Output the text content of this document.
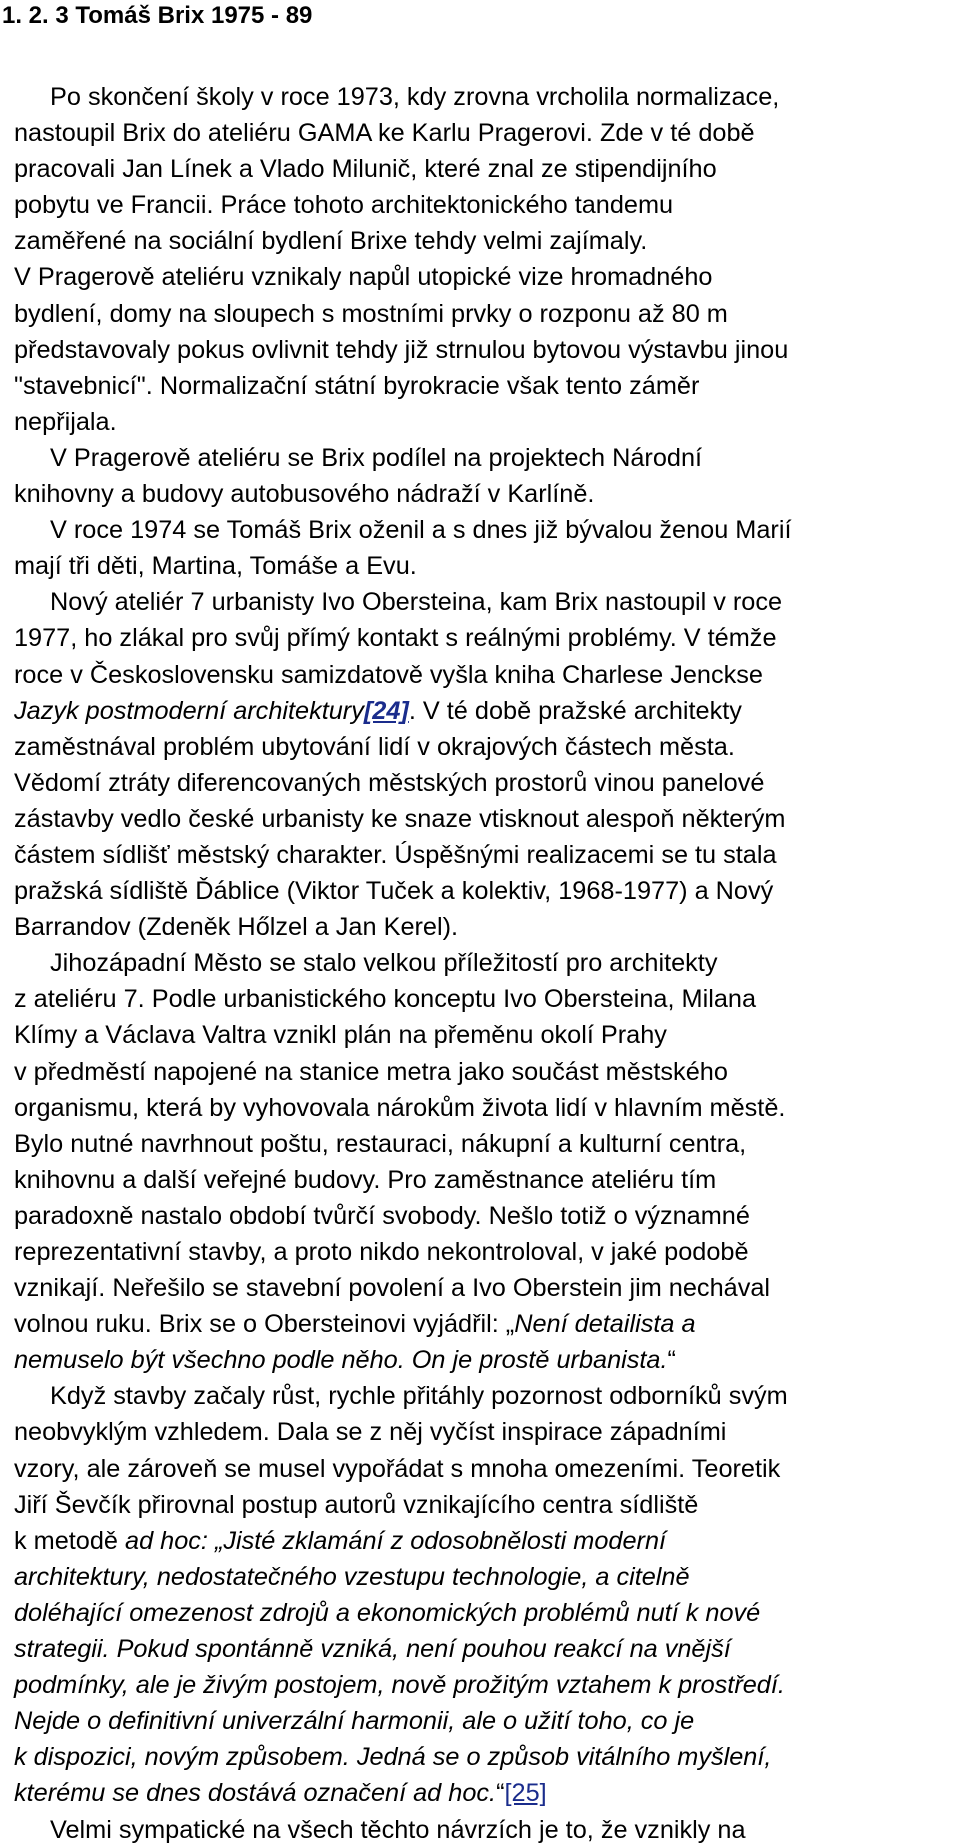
1. 2. 3 Tomáš Brix 1975 - 89
Po skončení školy v roce 1973, kdy zrovna vrcholila normalizace,
nastoupil Brix do ateliéru GAMA ke Karlu Pragerovi. Zde v té době
pracovali Jan Línek a Vlado Milunič, které znal ze stipendijního
pobytu ve Francii. Práce tohoto architektonického tandemu
zaměřené na sociální bydlení Brixe tehdy velmi zajímaly.
V Pragerově ateliéru vznikaly napůl utopické vize hromadného
bydlení, domy na sloupech s mostními prvky o rozponu až 80 m
představovaly pokus ovlivnit tehdy již strnulou bytovou výstavbu jinou
"stavebnicí". Normalizační státní byrokracie však tento záměr
nepřijala.
V Pragerově ateliéru se Brix podílel na projektech Národní
knihovny a budovy autobusového nádraží v Karlíně.
V roce 1974 se Tomáš Brix oženil a s dnes již bývalou ženou Marií
mají tři děti, Martina, Tomáše a Evu.
Nový ateliér 7 urbanisty Ivo Obersteina, kam Brix nastoupil v roce
1977, ho zlákal pro svůj přímý kontakt s reálnými problémy. V témže
roce v Československu samizdatově vyšla kniha Charlese Jenckse
Jazyk postmoderní architektury[24]. V té době pražské architekty
zaměstnával problém ubytování lidí v okrajových částech města.
Vědomí ztráty diferencovaných městských prostorů vinou panelové
zástavby vedlo české urbanisty ke snaze vtisknout alespoň některým
částem sídlišť městský charakter. Úspěšnými realizacemi se tu stala
pražská sídliště Ďáblice (Viktor Tuček a kolektiv, 1968-1977) a Nový
Barrandov (Zdeněk Hőlzel a Jan Kerel).
Jihozápadní Město se stalo velkou příležitostí pro architekty
z ateliéru 7. Podle urbanistického konceptu Ivo Obersteina, Milana
Klímy a Václava Valtra vznikl plán na přeměnu okolí Prahy
v předměstí napojené na stanice metra jako součást městského
organismu, která by vyhovovala nárokům života lidí v hlavním městě.
Bylo nutné navrhnout poštu, restauraci, nákupní a kulturní centra,
knihovnu a další veřejné budovy. Pro zaměstnance ateliéru tím
paradoxně nastalo období tvůrčí svobody. Nešlo totiž o významné
reprezentativní stavby, a proto nikdo nekontroloval, v jaké podobě
vznikají. Neřešilo se stavební povolení a Ivo Oberstein jim nechával
volnou ruku. Brix se o Obersteinovi vyjádřil: „Není detailista a
nemuselo být všechno podle něho. On je prostě urbanista.“
Když stavby začaly růst, rychle přitáhly pozornost odborníků svým
neobvyklým vzhledem. Dala se z něj vyčíst inspirace západními
vzory, ale zároveň se musel vypořádat s mnoha omezeními. Teoretik
Jiří Ševčík přirovnal postup autorů vznikajícího centra sídliště
k metodě ad hoc: „Jisté zklamání z odosobnělosti moderní
architektury, nedostatečného vzestupu technologie, a citelně
doléhající omezenost zdrojů a ekonomických problémů nutí k nové
strategii. Pokud spontánně vzniká, není pouhou reakcí na vnější
podmínky, ale je živým postojem, nově prožitým vztahem k prostředí.
Nejde o definitivní univerzální harmonii, ale o užití toho, co je
k dispozici, novým způsobem. Jedná se o způsob vitálního myšlení,
kterému se dnes dostává označení ad hoc.“[25]
Velmi sympatické na všech těchto návrzích je to, že vznikly na
